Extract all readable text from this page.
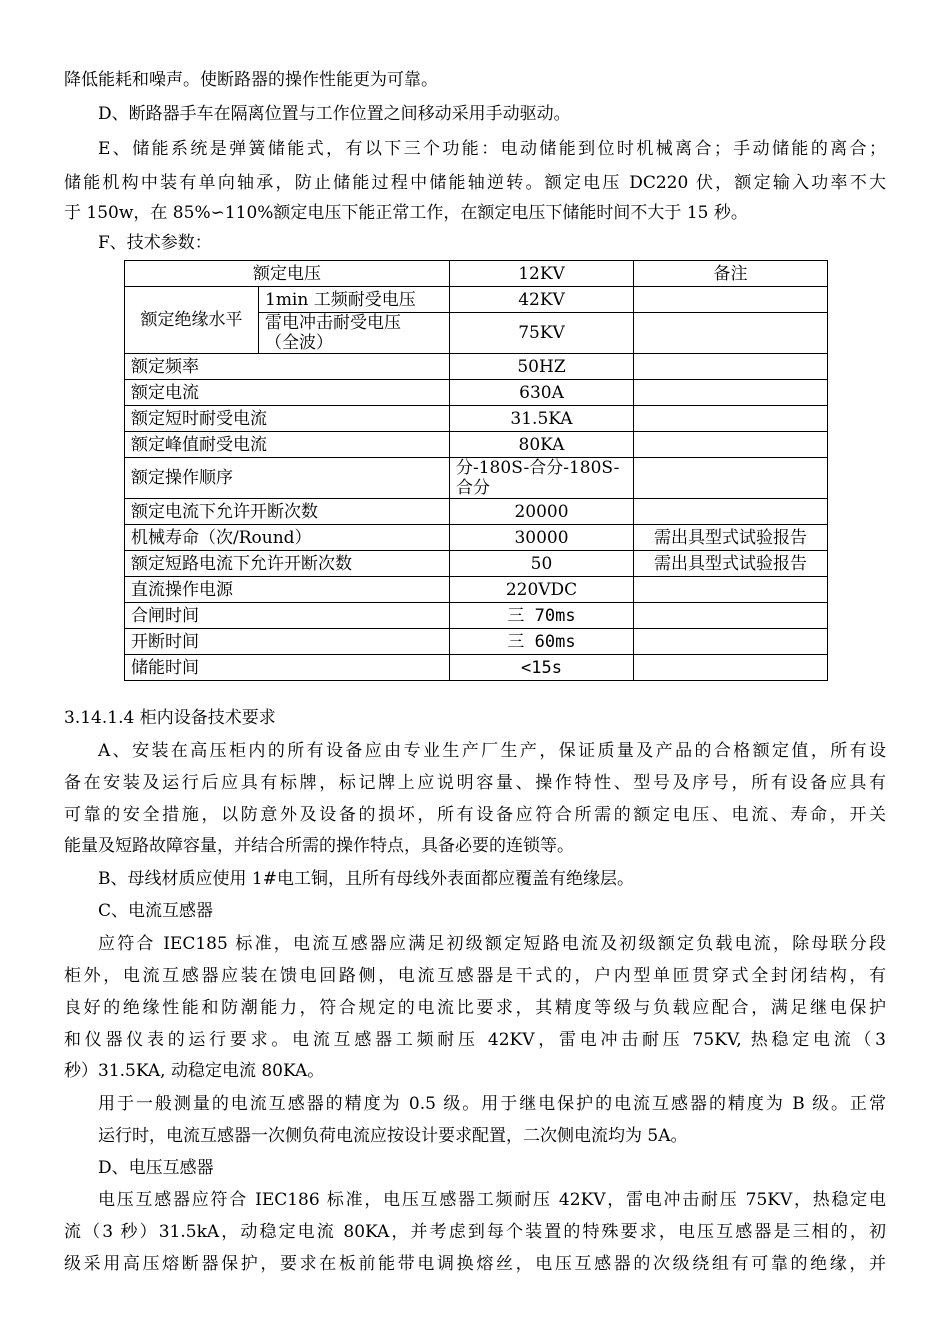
降低能耗和噪声。使断路器的操作性能更为可靠。
D、断路器手车在隔离位置与工作位置之间移动采用手动驱动。
E、储能系统是弹簧储能式，有以下三个功能：电动储能到位时机械离合；手动储能的离合；
储能机构中装有单向轴承，防止储能过程中储能轴逆转。额定电压 DC220 伏，额定输入功率不大
于 150w，在 85%∽110%额定电压下能正常工作，在额定电压下储能时间不大于 15 秒。
F、技术参数：
额定电压		12KV	备注
额定绝缘水平	1min 工频耐受电压	42KV	

	雷电冲击耐受电压
（全波）	75KV	
额定频率		50HZ	
额定电流		630A	
额定短时耐受电流		31.5KA	
额定峰值耐受电流		80KA	
额定操作顺序		分-180S-合分-180S-
合分	

额定电流下允许开断次数		20000	
机械寿命（次/Round）		30000	需出具型式试验报告
额定短路电流下允许开断次数		50	需出具型式试验报告
直流操作电源		220VDC	
合闸时间		三 70ms	
开断时间		三 60ms	
储能时间		<15s	
3.14.1.4 柜内设备技术要求
A、安装在高压柜内的所有设备应由专业生产厂生产，保证质量及产品的合格额定值，所有设
备在安装及运行后应具有标牌，标记牌上应说明容量、操作特性、型号及序号，所有设备应具有
可靠的安全措施，以防意外及设备的损坏，所有设备应符合所需的额定电压、电流、寿命，开关
能量及短路故障容量，并结合所需的操作特点，具备必要的连锁等。
B、母线材质应使用 1#电工铜，且所有母线外表面都应覆盖有绝缘层。
C、电流互感器
应符合 IEC185 标准，电流互感器应满足初级额定短路电流及初级额定负载电流，除母联分段
柜外，电流互感器应装在馈电回路侧，电流互感器是干式的，户内型单匝贯穿式全封闭结构，有
良好的绝缘性能和防潮能力，符合规定的电流比要求，其精度等级与负载应配合，满足继电保护
和仪器仪表的运行要求。电流互感器工频耐压 42KV，雷电冲击耐压 75KV, 热稳定电流（3
秒）31.5KA, 动稳定电流 80KA。
用于一般测量的电流互感器的精度为 0.5 级。用于继电保护的电流互感器的精度为 B 级。正常
运行时，电流互感器一次侧负荷电流应按设计要求配置，二次侧电流均为 5A。
D、电压互感器
电压互感器应符合 IEC186 标准，电压互感器工频耐压 42KV，雷电冲击耐压 75KV，热稳定电
流（3 秒）31.5kA，动稳定电流 80KA，并考虑到每个装置的特殊要求，电压互感器是三相的，初
级采用高压熔断器保护，要求在板前能带电调换熔丝，电压互感器的次级绕组有可靠的绝缘，并
